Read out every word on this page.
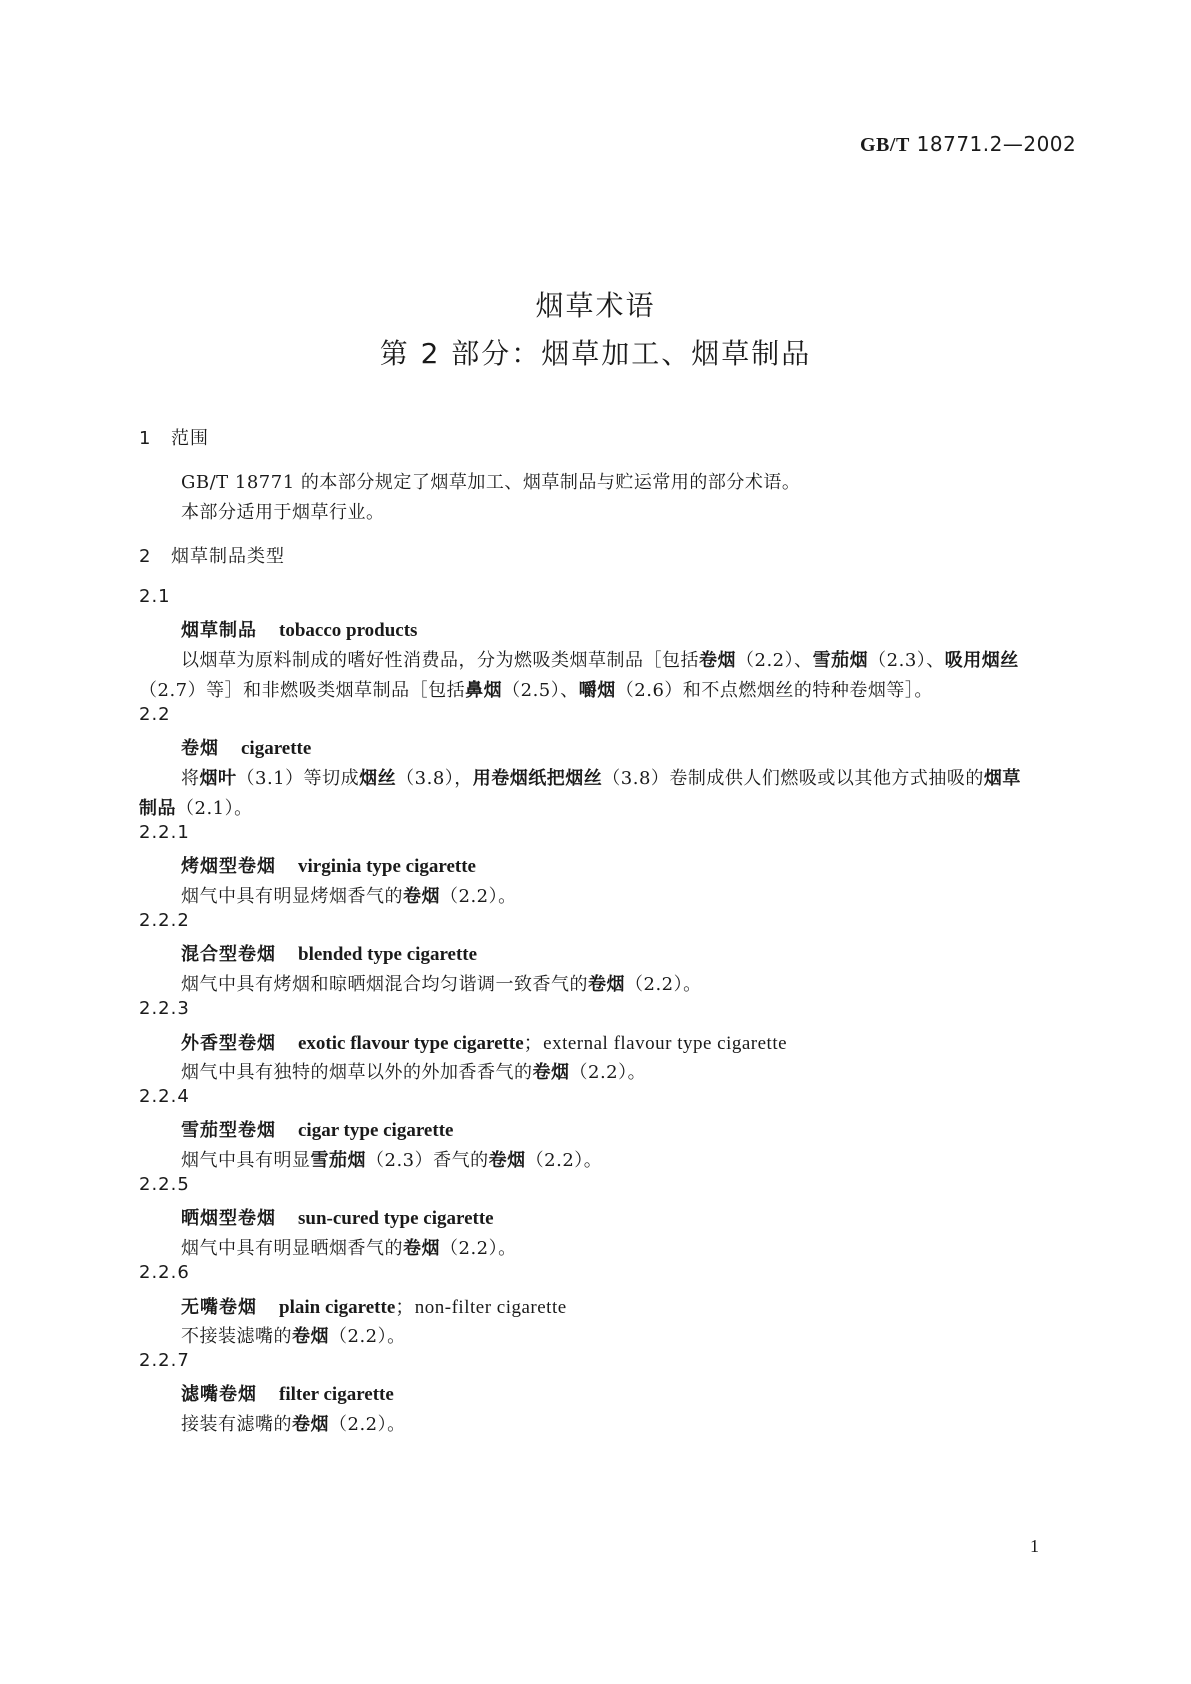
GB/T 18771.2—2002
烟草术语
第 2 部分：烟草加工、烟草制品
1 范围
GB/T 18771 的本部分规定了烟草加工、烟草制品与贮运常用的部分术语。
本部分适用于烟草行业。
2 烟草制品类型
2.1
烟草制品 tobacco products
以烟草为原料制成的嗜好性消费品，分为燃吸类烟草制品［包括卷烟（2.2）、雪茄烟（2.3）、吸用烟丝
（2.7）等］和非燃吸类烟草制品［包括鼻烟（2.5）、嚼烟（2.6）和不点燃烟丝的特种卷烟等］。
2.2
卷烟 cigarette
将烟叶（3.1）等切成烟丝（3.8），用卷烟纸把烟丝（3.8）卷制成供人们燃吸或以其他方式抽吸的烟草
制品（2.1）。
2.2.1
烤烟型卷烟 virginia type cigarette
烟气中具有明显烤烟香气的卷烟（2.2）。
2.2.2
混合型卷烟 blended type cigarette
烟气中具有烤烟和晾晒烟混合均匀谐调一致香气的卷烟（2.2）。
2.2.3
外香型卷烟 exotic flavour type cigarette；external flavour type cigarette
烟气中具有独特的烟草以外的外加香香气的卷烟（2.2）。
2.2.4
雪茄型卷烟 cigar type cigarette
烟气中具有明显雪茄烟（2.3）香气的卷烟（2.2）。
2.2.5
晒烟型卷烟 sun-cured type cigarette
烟气中具有明显晒烟香气的卷烟（2.2）。
2.2.6
无嘴卷烟 plain cigarette；non-filter cigarette
不接装滤嘴的卷烟（2.2）。
2.2.7
滤嘴卷烟 filter cigarette
接装有滤嘴的卷烟（2.2）。
1
